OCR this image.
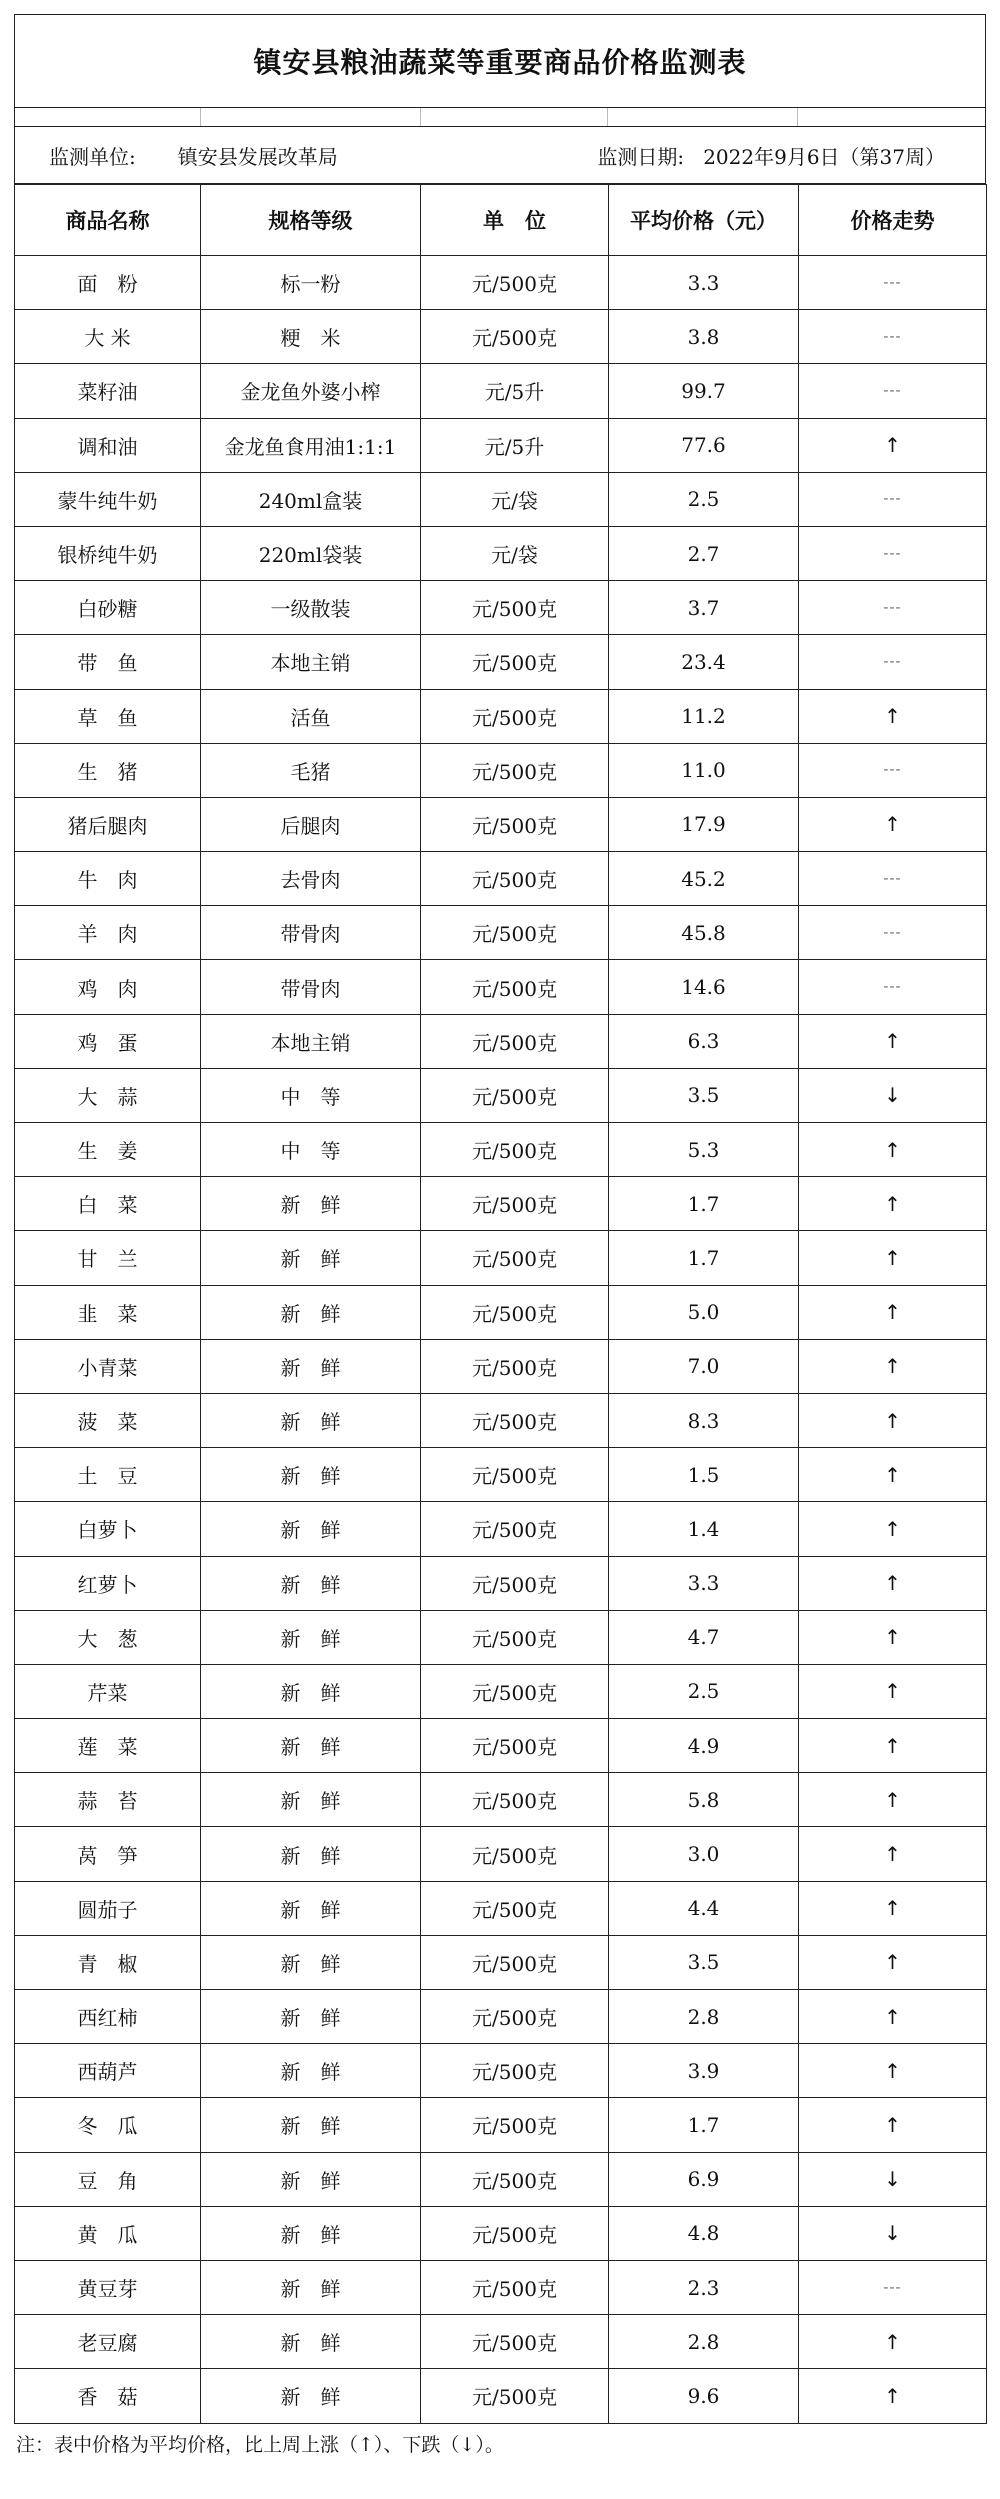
镇安县粮油蔬菜等重要商品价格监测表
监测单位: 镇安县发展改革局	监测日期: 2022年9月6日（第37周）
商品名称	规格等级	单　位	平均价格（元）	价格走势
面　粉	标一粉	元/500克	3.3	---
大 米	粳　米	元/500克	3.8	---
菜籽油	金龙鱼外婆小榨	元/5升	99.7	---
调和油	金龙鱼食用油1:1:1	元/5升	77.6	↑
蒙牛纯牛奶	240ml盒装	元/袋	2.5	---
银桥纯牛奶	220ml袋装	元/袋	2.7	---
白砂糖	一级散装	元/500克	3.7	---
带　鱼	本地主销	元/500克	23.4	---
草　鱼	活鱼	元/500克	11.2	↑
生　猪	毛猪	元/500克	11.0	---
猪后腿肉	后腿肉	元/500克	17.9	↑
牛　肉	去骨肉	元/500克	45.2	---
羊　肉	带骨肉	元/500克	45.8	---
鸡　肉	带骨肉	元/500克	14.6	---
鸡　蛋	本地主销	元/500克	6.3	↑
大　蒜	中　等	元/500克	3.5	↓
生　姜	中　等	元/500克	5.3	↑
白　菜	新　鲜	元/500克	1.7	↑
甘　兰	新　鲜	元/500克	1.7	↑
韭　菜	新　鲜	元/500克	5.0	↑
小青菜	新　鲜	元/500克	7.0	↑
菠　菜	新　鲜	元/500克	8.3	↑
土　豆	新　鲜	元/500克	1.5	↑
白萝卜	新　鲜	元/500克	1.4	↑
红萝卜	新　鲜	元/500克	3.3	↑
大　葱	新　鲜	元/500克	4.7	↑
芹菜	新　鲜	元/500克	2.5	↑
莲　菜	新　鲜	元/500克	4.9	↑
蒜　苔	新　鲜	元/500克	5.8	↑
莴　笋	新　鲜	元/500克	3.0	↑
圆茄子	新　鲜	元/500克	4.4	↑
青　椒	新　鲜	元/500克	3.5	↑
西红柿	新　鲜	元/500克	2.8	↑
西葫芦	新　鲜	元/500克	3.9	↑
冬　瓜	新　鲜	元/500克	1.7	↑
豆　角	新　鲜	元/500克	6.9	↓
黄　瓜	新　鲜	元/500克	4.8	↓
黄豆芽	新　鲜	元/500克	2.3	---
老豆腐	新　鲜	元/500克	2.8	↑
香　菇	新　鲜	元/500克	9.6	↑
注：表中价格为平均价格，比上周上涨（↑）、下跌（↓）。
